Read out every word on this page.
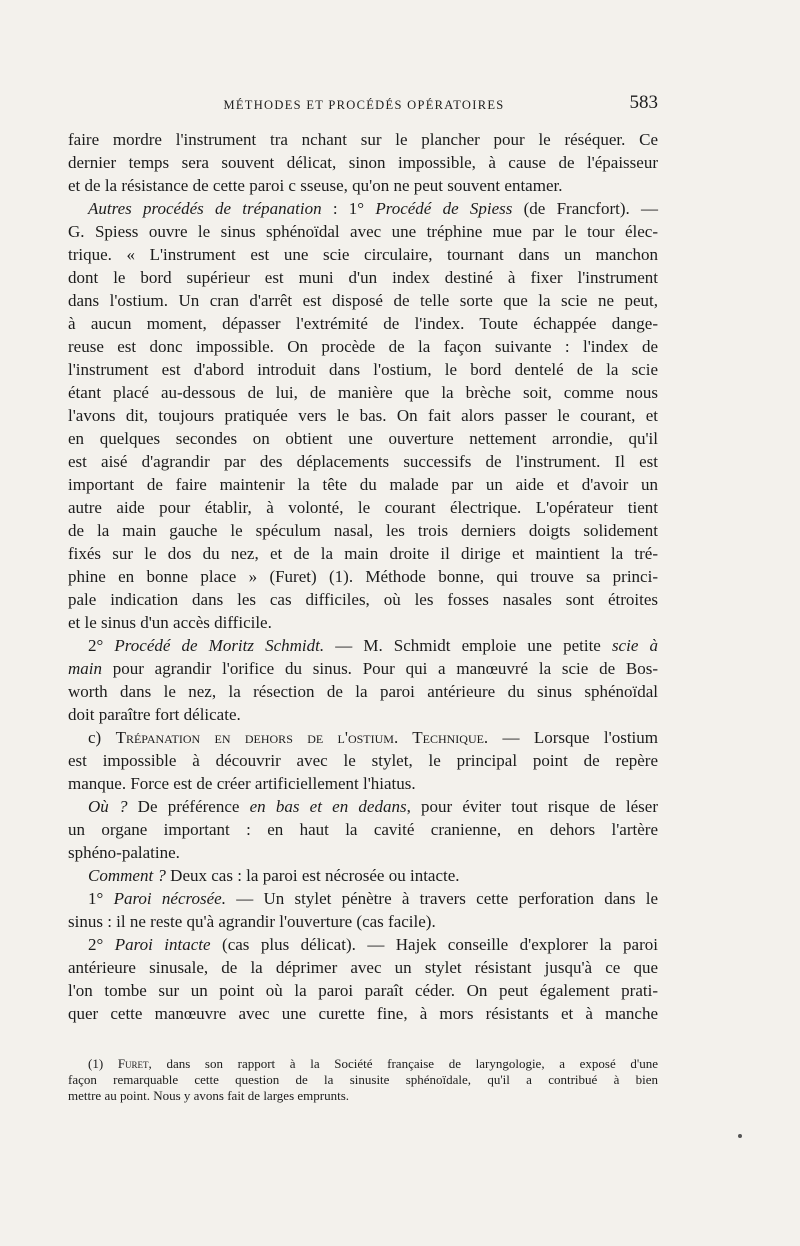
MÉTHODES ET PROCÉDÉS OPÉRATOIRES	583

faire mordre l'instrument tra nchant sur le plancher pour le réséquer. Ce
dernier temps sera souvent délicat, sinon impossible, à cause de l'épaisseur
et de la résistance de cette paroi c sseuse, qu'on ne peut souvent entamer.

Autres procédés de trépanation : 1° Procédé de Spiess (de Francfort). —
G. Spiess ouvre le sinus sphénoïdal avec une tréphine mue par le tour élec-
trique. « L'instrument est une scie circulaire, tournant dans un manchon
dont le bord supérieur est muni d'un index destiné à fixer l'instrument
dans l'ostium. Un cran d'arrêt est disposé de telle sorte que la scie ne peut,
à aucun moment, dépasser l'extrémité de l'index. Toute échappée dange-
reuse est donc impossible. On procède de la façon suivante : l'index de
l'instrument est d'abord introduit dans l'ostium, le bord dentelé de la scie
étant placé au-dessous de lui, de manière que la brèche soit, comme nous
l'avons dit, toujours pratiquée vers le bas. On fait alors passer le courant, et
en quelques secondes on obtient une ouverture nettement arrondie, qu'il
est aisé d'agrandir par des déplacements successifs de l'instrument. Il est
important de faire maintenir la tête du malade par un aide et d'avoir un
autre aide pour établir, à volonté, le courant électrique. L'opérateur tient
de la main gauche le spéculum nasal, les trois derniers doigts solidement
fixés sur le dos du nez, et de la main droite il dirige et maintient la tré-
phine en bonne place » (Furet) (1). Méthode bonne, qui trouve sa princi-
pale indication dans les cas difficiles, où les fosses nasales sont étroites
et le sinus d'un accès difficile.

2° Procédé de Moritz Schmidt. — M. Schmidt emploie une petite scie à
main pour agrandir l'orifice du sinus. Pour qui a manœuvré la scie de Bos-
worth dans le nez, la résection de la paroi antérieure du sinus sphénoïdal
doit paraître fort délicate.

c) Trépanation en dehors de l'ostium. Technique. — Lorsque l'ostium
est impossible à découvrir avec le stylet, le principal point de repère
manque. Force est de créer artificiellement l'hiatus.

Où ? De préférence en bas et en dedans, pour éviter tout risque de léser
un organe important : en haut la cavité cranienne, en dehors l'artère
sphéno-palatine.

Comment ? Deux cas : la paroi est nécrosée ou intacte.

1° Paroi nécrosée. — Un stylet pénètre à travers cette perforation dans le
sinus : il ne reste qu'à agrandir l'ouverture (cas facile).

2° Paroi intacte (cas plus délicat). — Hajek conseille d'explorer la paroi
antérieure sinusale, de la déprimer avec un stylet résistant jusqu'à ce que
l'on tombe sur un point où la paroi paraît céder. On peut également prati-
quer cette manœuvre avec une curette fine, à mors résistants et à manche

(1) Furet, dans son rapport à la Société française de laryngologie, a exposé d'une
façon remarquable cette question de la sinusite sphénoïdale, qu'il a contribué à bien
mettre au point. Nous y avons fait de larges emprunts.
